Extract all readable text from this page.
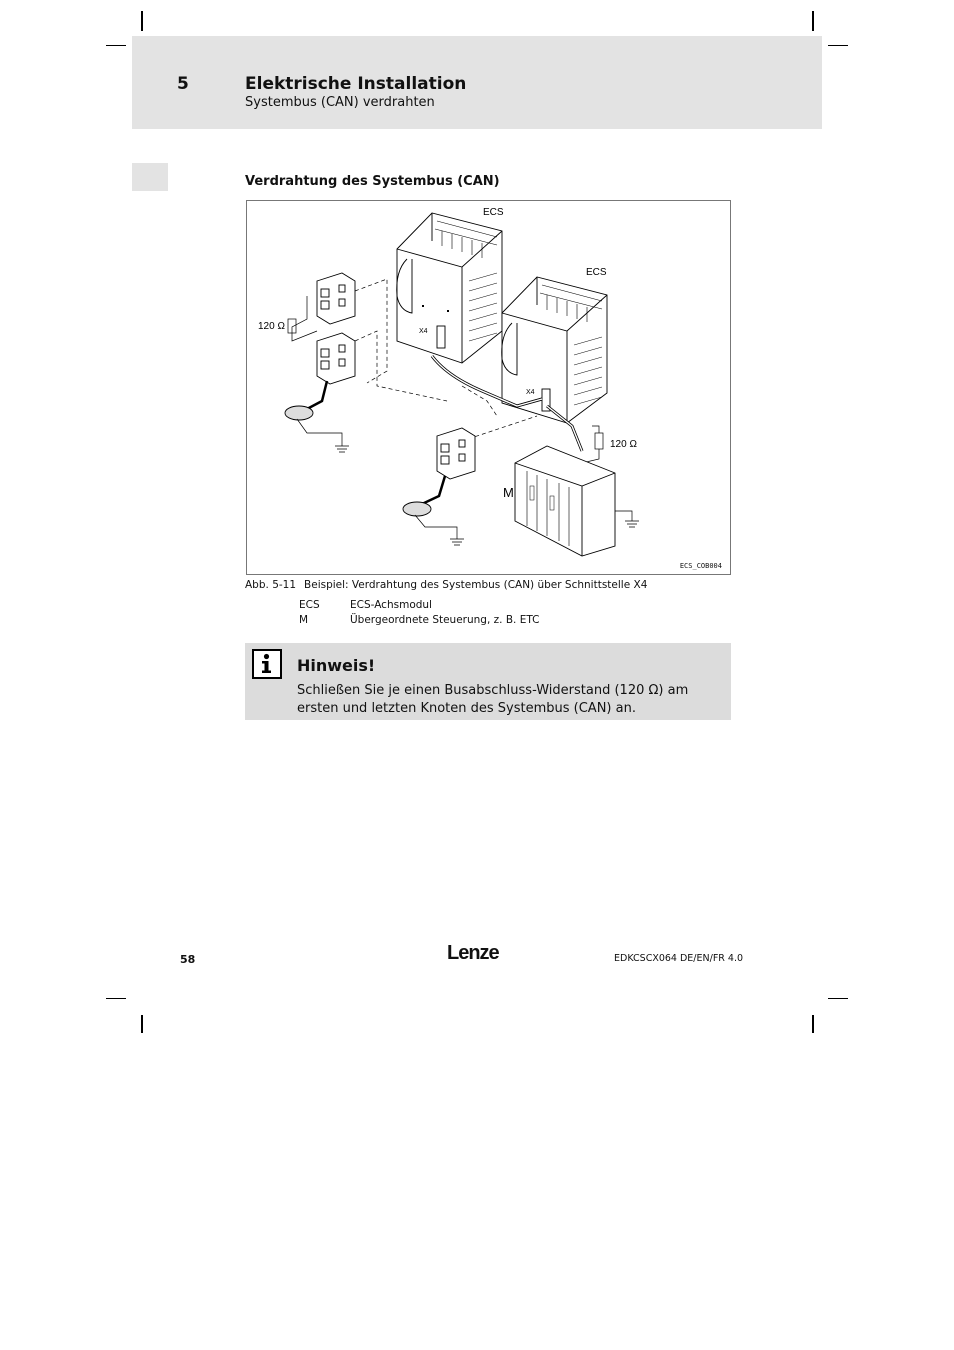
5	Elektrische Installation
Systembus (CAN) verdrahten
Verdrahtung des Systembus (CAN)
ECS
ECS
X4
X4
120 Ω
120 Ω
M
ECS_COB004
Abb. 5-11 Beispiel: Verdrahtung des Systembus (CAN) über Schnittstelle X4
ECS	ECS-Achsmodul
M	Übergeordnete Steuerung, z. B. ETC
Hinweis!
Schließen Sie je einen Busabschluss-Widerstand (120 Ω) am ersten und letzten Knoten des Systembus (CAN) an.
58	Lenze	EDKCSCX064 DE/EN/FR 4.0
